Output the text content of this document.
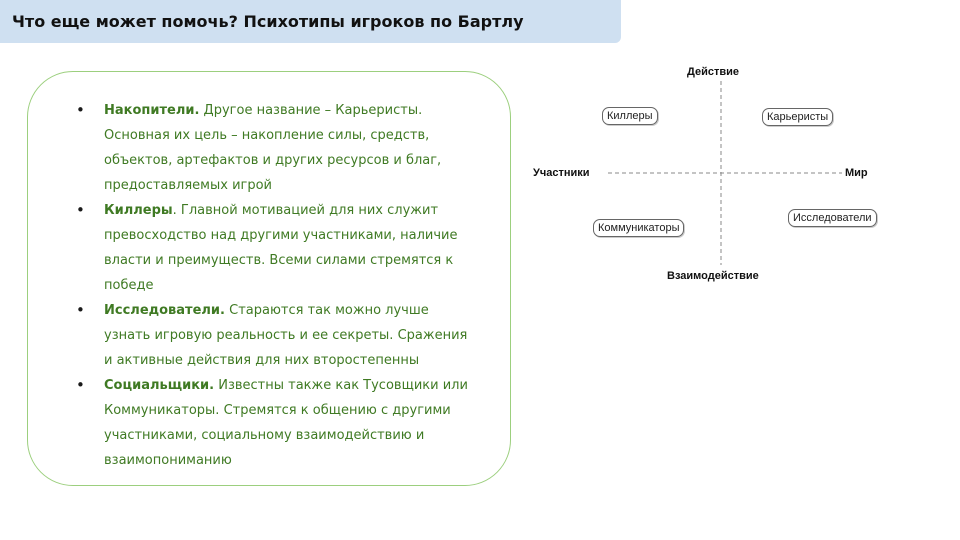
Что еще может помочь? Психотипы игроков по Бартлу
• Накопители. Другое название – Карьеристы. Основная их цель – накопление силы, средств, объектов, артефактов и других ресурсов и благ, предоставляемых игрой
• Киллеры. Главной мотивацией для них служит превосходство над другими участниками, наличие власти и преимуществ. Всеми силами стремятся к победе
• Исследователи. Стараются так можно лучше узнать игровую реальность и ее секреты. Сражения и активные действия для них второстепенны
• Социальщики. Известны также как Тусовщики или Коммуникаторы. Стремятся к общению с другими участниками, социальному взаимодействию и взаимопониманию
Действие
Взаимодействие
Участники	Мир
Киллеры	Карьеристы
Коммуникаторы
Исследователи
